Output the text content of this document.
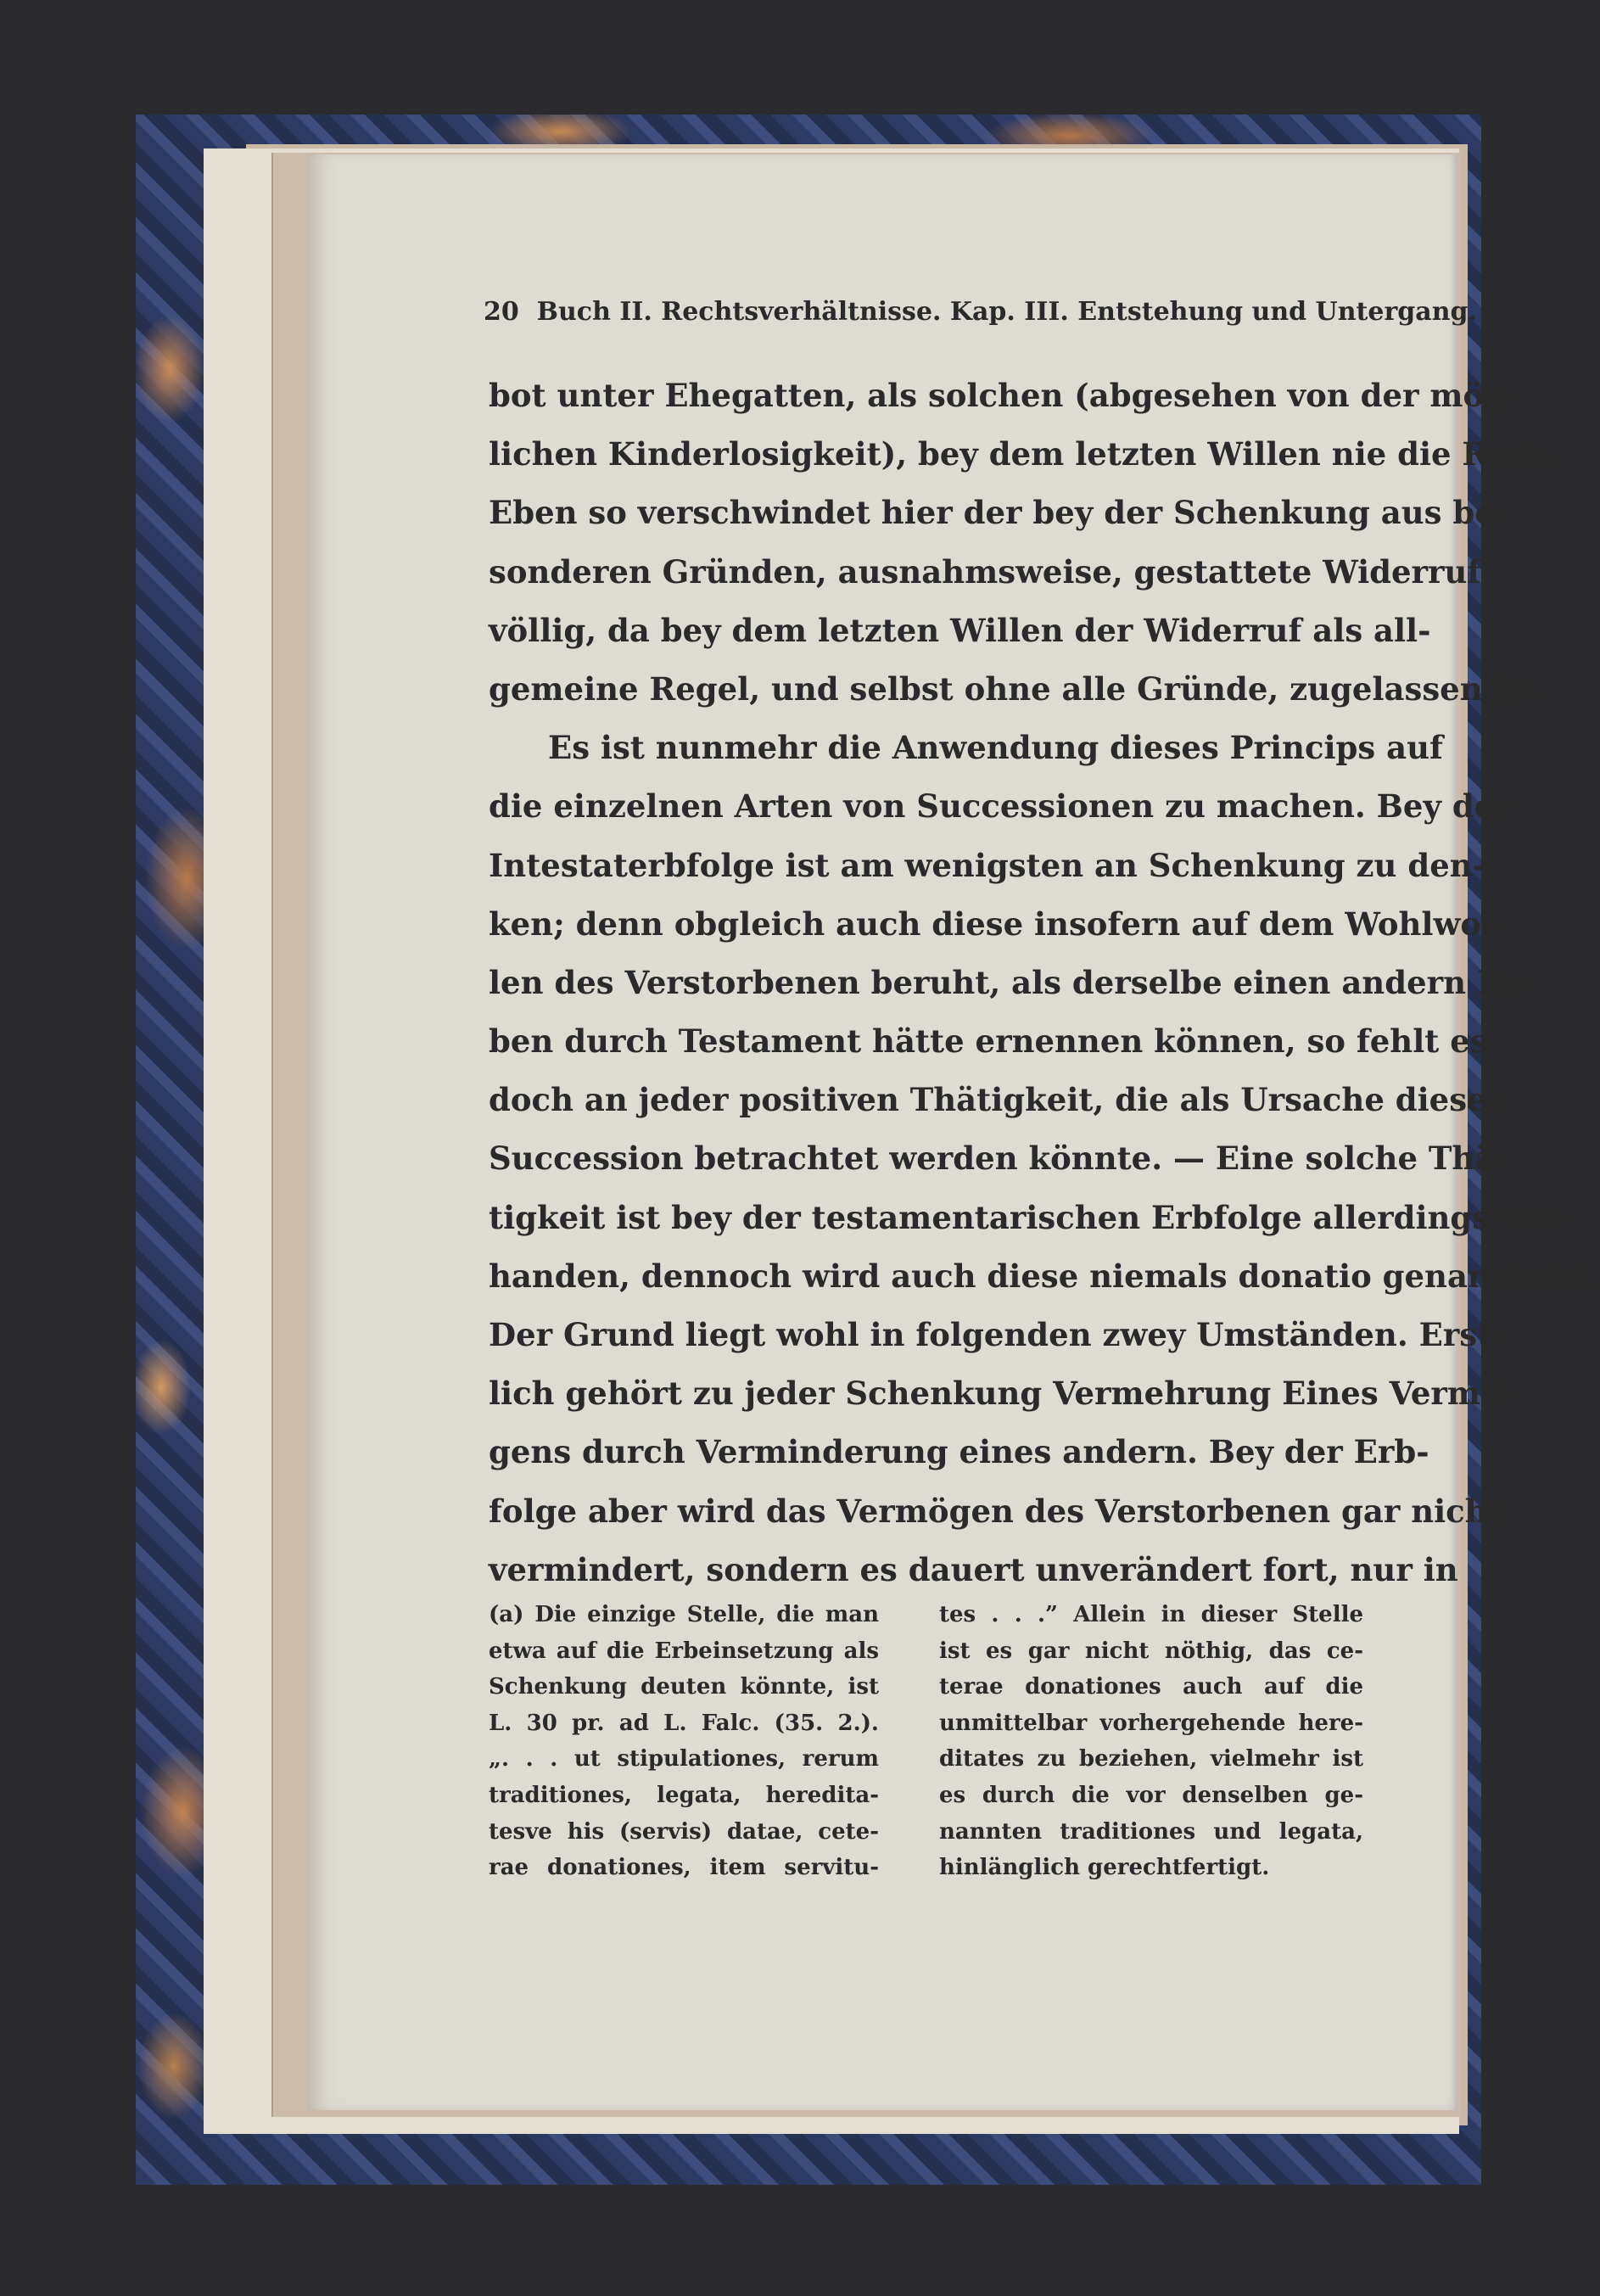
20 Buch II. Rechtsverhältnisse. Kap. III. Entstehung und Untergang.
bot unter Ehegatten, als solchen (abgesehen von der mög-
lichen Kinderlosigkeit), bey dem letzten Willen nie die Rede.
Eben so verschwindet hier der bey der Schenkung aus be-
sonderen Gründen, ausnahmsweise, gestattete Widerruf
völlig, da bey dem letzten Willen der Widerruf als all-
gemeine Regel, und selbst ohne alle Gründe, zugelassen ist.
Es ist nunmehr die Anwendung dieses Princips auf
die einzelnen Arten von Successionen zu machen. Bey der
Intestaterbfolge ist am wenigsten an Schenkung zu den-
ken; denn obgleich auch diese insofern auf dem Wohlwol-
len des Verstorbenen beruht, als derselbe einen andern Er-
ben durch Testament hätte ernennen können, so fehlt es
doch an jeder positiven Thätigkeit, die als Ursache dieser
Succession betrachtet werden könnte. — Eine solche Thä-
tigkeit ist bey der testamentarischen Erbfolge allerdings vor-
handen, dennoch wird auch diese niemals donatio genannt (a).
Der Grund liegt wohl in folgenden zwey Umständen. Erst-
lich gehört zu jeder Schenkung Vermehrung Eines Vermö-
gens durch Verminderung eines andern. Bey der Erb-
folge aber wird das Vermögen des Verstorbenen gar nicht
vermindert, sondern es dauert unverändert fort, nur in
(a) Die einzige Stelle, die man
etwa auf die Erbeinsetzung als
Schenkung deuten könnte, ist
L. 30 pr. ad L. Falc. (35. 2.).
„. . . ut stipulationes, rerum
traditiones, legata, heredita-
tesve his (servis) datae, cete-
rae donationes, item servitu-
tes . . .” Allein in dieser Stelle
ist es gar nicht nöthig, das ce-
terae donationes auch auf die
unmittelbar vorhergehende here-
ditates zu beziehen, vielmehr ist
es durch die vor denselben ge-
nannten traditiones und legata,
hinlänglich gerechtfertigt.
